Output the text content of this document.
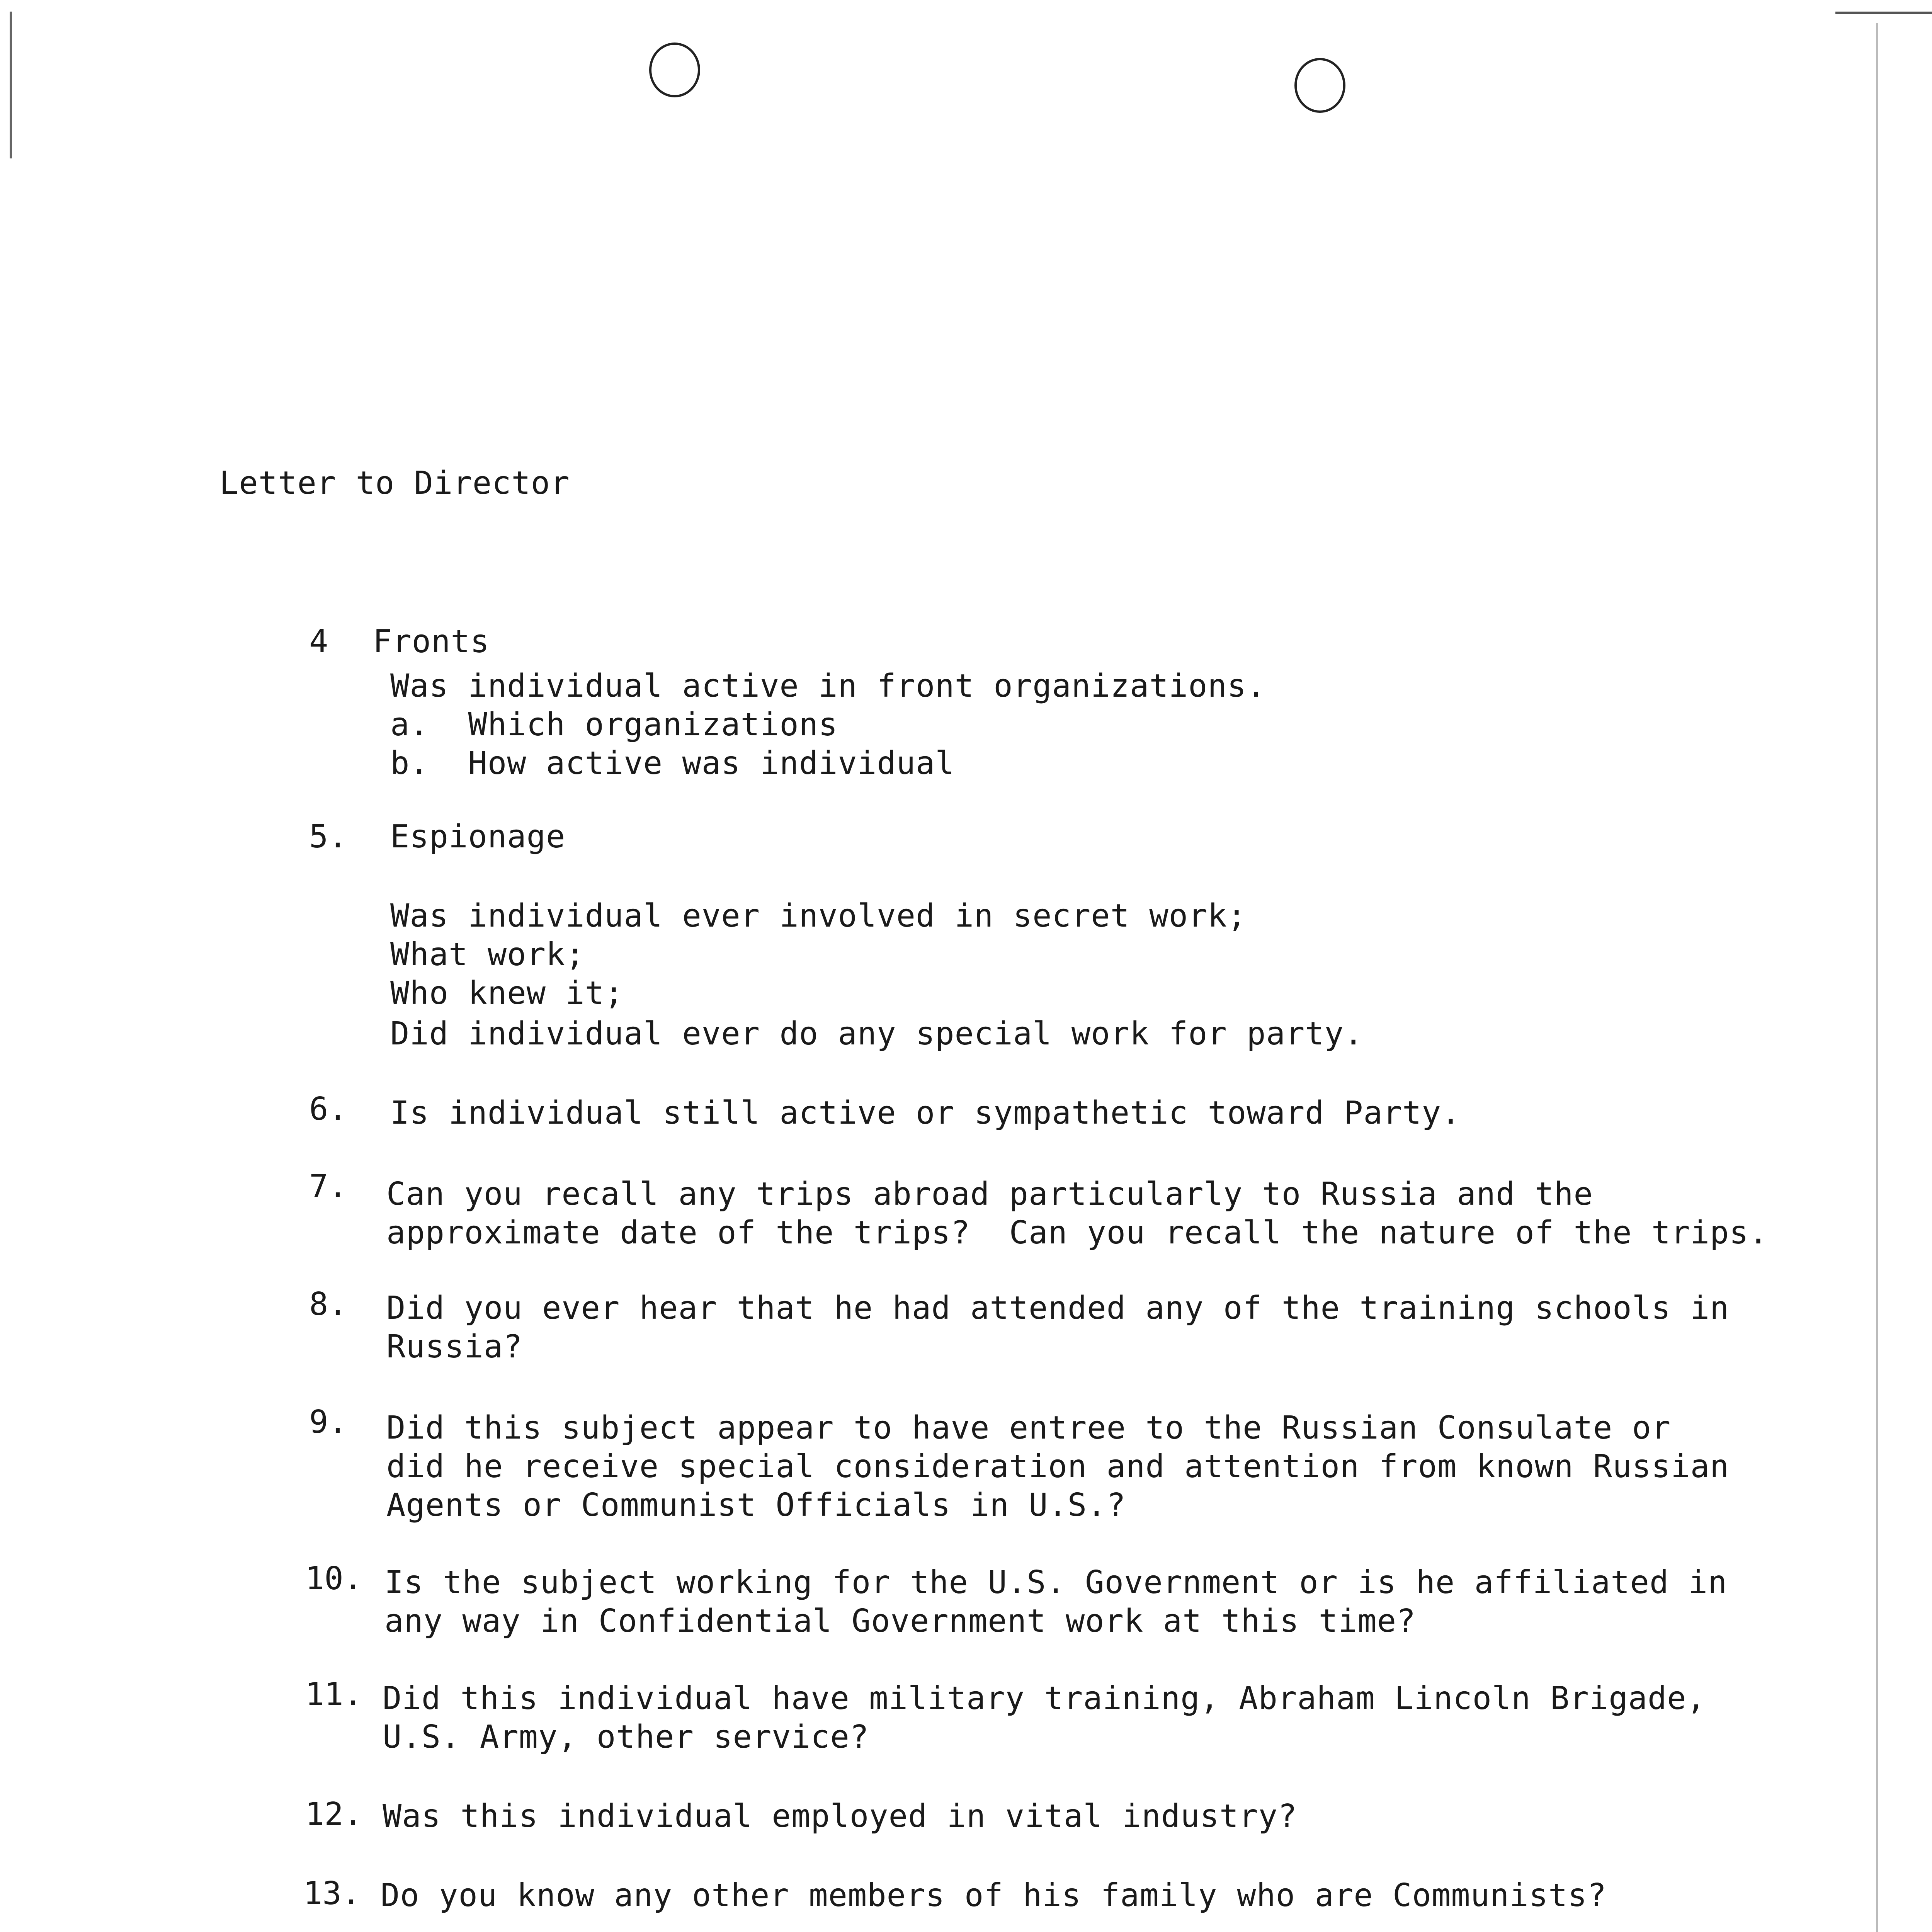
Letter to Director
4 Fronts
Was individual active in front organizations.
a.  Which organizations
b.  How active was individual
5. Espionage
Was individual ever involved in secret work;
What work;
Who knew it;
Did individual ever do any special work for party.
6. Is individual still active or sympathetic toward Party.
7. Can you recall any trips abroad particularly to Russia and the
approximate date of the trips?  Can you recall the nature of the trips.
8. Did you ever hear that he had attended any of the training schools in
Russia?
9. Did this subject appear to have entree to the Russian Consulate or
did he receive special consideration and attention from known Russian
Agents or Communist Officials in U.S.?
10. Is the subject working for the U.S. Government or is he affiliated in
any way in Confidential Government work at this time?
11. Did this individual have military training, Abraham Lincoln Brigade,
U.S. Army, other service?
12. Was this individual employed in vital industry?
13. Do you know any other members of his family who are Communists?
